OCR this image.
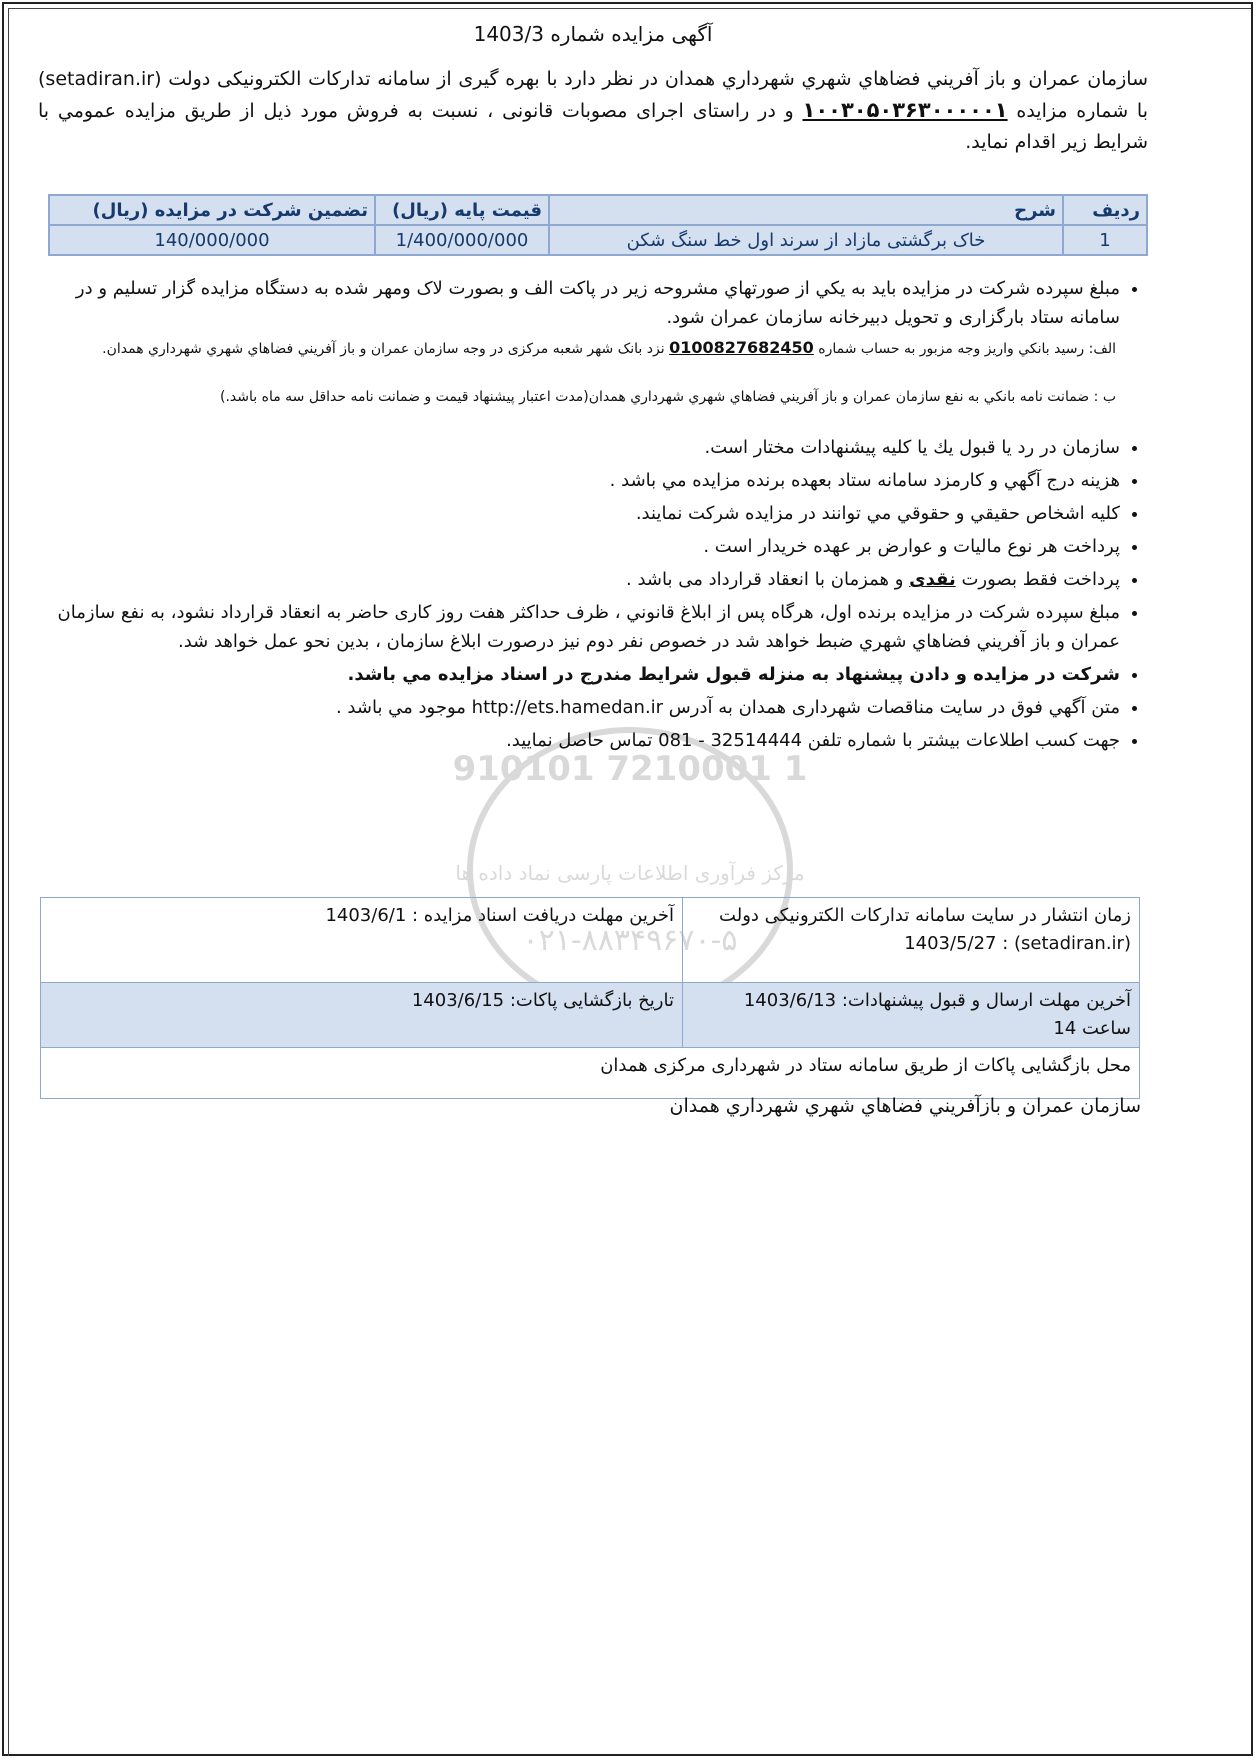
910101 7210001 1
مرکز فرآوری اطلاعات پارسی نماد داده ها
۰۲۱-۸۸۳۴۹۶۷۰-۵
آگهی مزایده شماره 1403/3

سازمان عمران و باز آفريني فضاهاي شهري شهرداري همدان در نظر دارد با بهره گيری از سامانه تداركات الكترونيكی دولت (setadiran.ir) با شماره مزايده ۱۰۰۳۰۵۰۳۶۳۰۰۰۰۰۱ و در راستای اجرای مصوبات قانونی ، نسبت به فروش مورد ذيل از طريق مزايده عمومي با شرايط زير اقدام نمايد.

رديف	شرح	قیمت پایه (ریال)	تضمين شركت در مزايده (ريال)
1	خاک برگشتی مازاد از سرند اول خط سنگ شکن	1/400/000/000	140/000/000
• مبلغ سپرده شركت در مزايده بايد به يكي از صورتهاي مشروحه زير در پاكت الف و بصورت لاک ومهر شده به دستگاه مزايده گزار تسليم و در سامانه ستاد بارگزاری و تحويل دبيرخانه سازمان عمران شود.
الف: رسيد بانكي واريز وجه مزبور به حساب شماره 0100827682450 نزد بانک شهر شعبه مرکزی در وجه سازمان عمران و باز آفريني فضاهاي شهري شهرداري همدان.
ب : ضمانت نامه بانكي به نفع سازمان عمران و باز آفريني فضاهاي شهري شهرداري همدان(مدت اعتبار پيشنهاد قيمت و ضمانت نامه حداقل سه ماه باشد.)
• سازمان در رد يا قبول يك يا كليه پيشنهادات مختار است.
• هزينه درج آگهي و كارمزد سامانه ستاد بعهده برنده مزايده مي باشد .
• كليه اشخاص حقيقي و حقوقي مي توانند در مزايده شركت نمايند.
• پرداخت هر نوع ماليات و عوارض بر عهده خريدار است .
• پرداخت فقط بصورت نقدی و همزمان با انعقاد قرارداد می باشد .
• مبلغ سپرده شركت در مزايده برنده اول، هرگاه پس از ابلاغ قانوني ، ظرف حداكثر هفت روز كاری حاضر به انعقاد قرارداد نشود، به نفع سازمان عمران و باز آفريني فضاهاي شهري ضبط خواهد شد در خصوص نفر دوم نيز درصورت ابلاغ سازمان ، بدين نحو عمل خواهد شد.
• شركت در مزايده و دادن پيشنهاد به منزله قبول شرايط مندرج در اسناد مزايده مي باشد.
• متن آگهي فوق در سايت مناقصات شهرداری همدان به آدرس http://ets.hamedan.ir موجود مي باشد .
• جهت كسب اطلاعات بيشتر با شماره تلفن 32514444 - 081 تماس حاصل نماييد.
زمان انتشار در سايت سامانه تداركات الكترونيكی دولت (setadiran.ir) : 1403/5/27	آخرين مهلت دريافت اسناد مزايده : 1403/6/1
آخرين مهلت ارسال و قبول پيشنهادات: 1403/6/13 ساعت 14	تاريخ بازگشايی پاكات: 1403/6/15
محل بازگشایی پاکات از طریق سامانه ستاد در شهرداری مرکزی همدان	
سازمان عمران و بازآفريني فضاهاي شهري شهرداري همدان
